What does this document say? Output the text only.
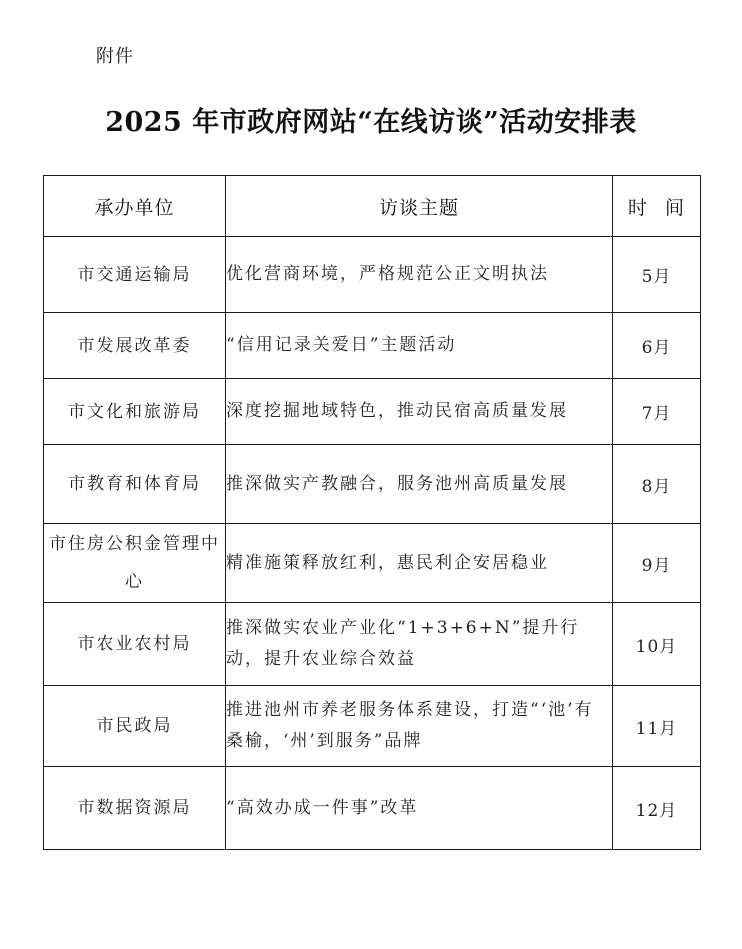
附件
2025 年市政府网站“在线访谈”活动安排表
承办单位	访谈主题	时 间
市交通运输局	优化营商环境，严格规范公正文明执法	5月
市发展改革委	“信用记录关爱日”主题活动	6月
市文化和旅游局	深度挖掘地域特色，推动民宿高质量发展	7月
市教育和体育局	推深做实产教融合，服务池州高质量发展	8月
市住房公积金管理中心	精准施策释放红利，惠民利企安居稳业	9月
市农业农村局	推深做实农业产业化“1+3+6+N”提升行动，提升农业综合效益	10月
市民政局	推进池州市养老服务体系建设，打造“‘池’有桑榆，‘州’到服务”品牌	11月
市数据资源局	“高效办成一件事”改革	12月
